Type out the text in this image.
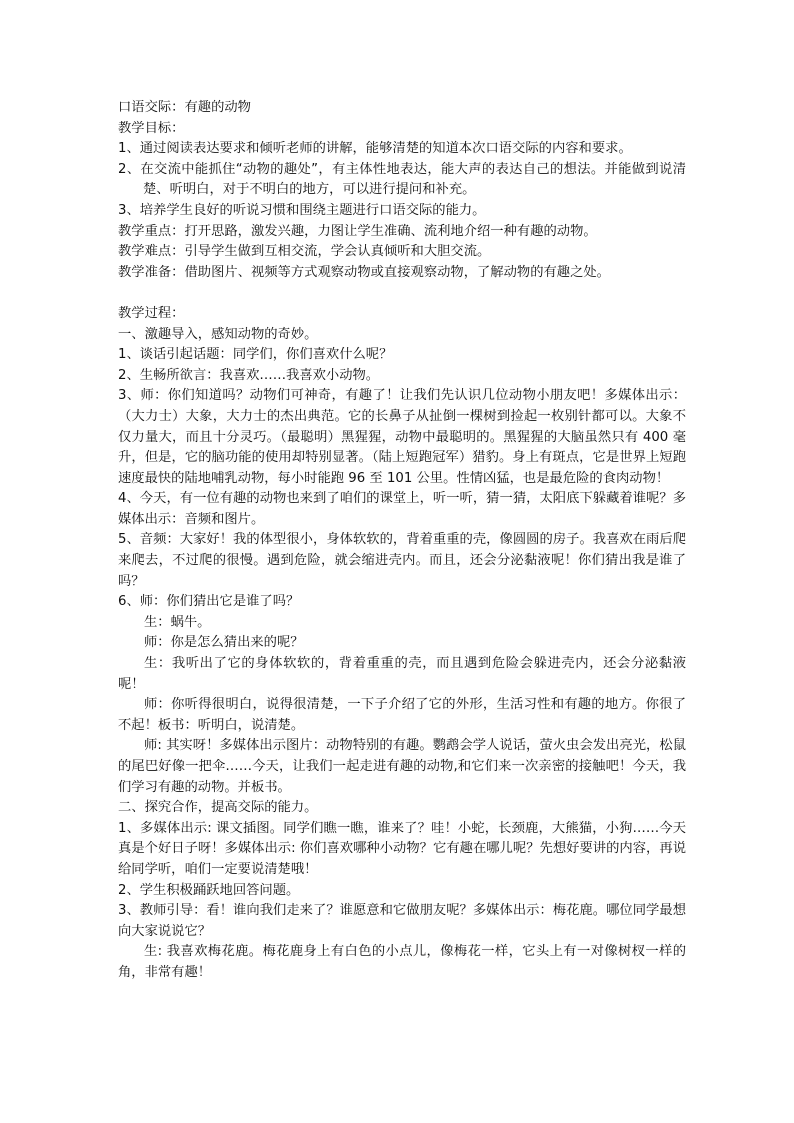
口语交际：有趣的动物

教学目标：

1、通过阅读表达要求和倾听老师的讲解，能够清楚的知道本次口语交际的内容和要求。

2、在交流中能抓住“动物的趣处”，有主体性地表达，能大声的表达自己的想法。并能做到说清楚、听明白，对于不明白的地方，可以进行提问和补充。

3、培养学生良好的听说习惯和围绕主题进行口语交际的能力。

教学重点：打开思路，激发兴趣，力图让学生准确、流利地介绍一种有趣的动物。

教学难点：引导学生做到互相交流，学会认真倾听和大胆交流。

教学准备：借助图片、视频等方式观察动物或直接观察动物，了解动物的有趣之处。

教学过程：

一、激趣导入，感知动物的奇妙。

1、谈话引起话题：同学们，你们喜欢什么呢？

2、生畅所欲言：我喜欢……我喜欢小动物。

3、师：你们知道吗？动物们可神奇，有趣了！让我们先认识几位动物小朋友吧！多媒体出示：（大力士）大象，大力士的杰出典范。它的长鼻子从扯倒一棵树到捡起一枚别针都可以。大象不仅力量大，而且十分灵巧。（最聪明）黑猩猩，动物中最聪明的。黑猩猩的大脑虽然只有 400 毫升，但是，它的脑功能的使用却特别显著。（陆上短跑冠军）猎豹。身上有斑点，它是世界上短跑速度最快的陆地哺乳动物，每小时能跑 96 至 101 公里。性情凶猛，也是最危险的食肉动物！

4、今天，有一位有趣的动物也来到了咱们的课堂上，听一听，猜一猜，太阳底下躲藏着谁呢？多媒体出示：音频和图片。

5、音频：大家好！我的体型很小，身体软软的，背着重重的壳，像圆圆的房子。我喜欢在雨后爬来爬去，不过爬的很慢。遇到危险，就会缩进壳内。而且，还会分泌黏液呢！你们猜出我是谁了吗？

6、师：你们猜出它是谁了吗？

生：蜗牛。

师：你是怎么猜出来的呢？

生：我听出了它的身体软软的，背着重重的壳，而且遇到危险会躲进壳内，还会分泌黏液呢！

师：你听得很明白，说得很清楚，一下子介绍了它的外形，生活习性和有趣的地方。你很了不起！板书：听明白，说清楚。

师: 其实呀！多媒体出示图片：动物特别的有趣。鹦鹉会学人说话，萤火虫会发出亮光，松鼠的尾巴好像一把伞……今天，让我们一起走进有趣的动物,和它们来一次亲密的接触吧！今天，我们学习有趣的动物。并板书。

二、探究合作，提高交际的能力。

1、多媒体出示: 课文插图。同学们瞧一瞧，谁来了？哇！小蛇，长颈鹿，大熊猫，小狗……今天真是个好日子呀！多媒体出示: 你们喜欢哪种小动物？它有趣在哪儿呢？先想好要讲的内容，再说给同学听，咱们一定要说清楚哦！

2、学生积极踊跃地回答问题。

3、教师引导：看！谁向我们走来了？谁愿意和它做朋友呢？多媒体出示：梅花鹿。哪位同学最想向大家说说它？

生: 我喜欢梅花鹿。梅花鹿身上有白色的小点儿，像梅花一样，它头上有一对像树杈一样的角，非常有趣！
